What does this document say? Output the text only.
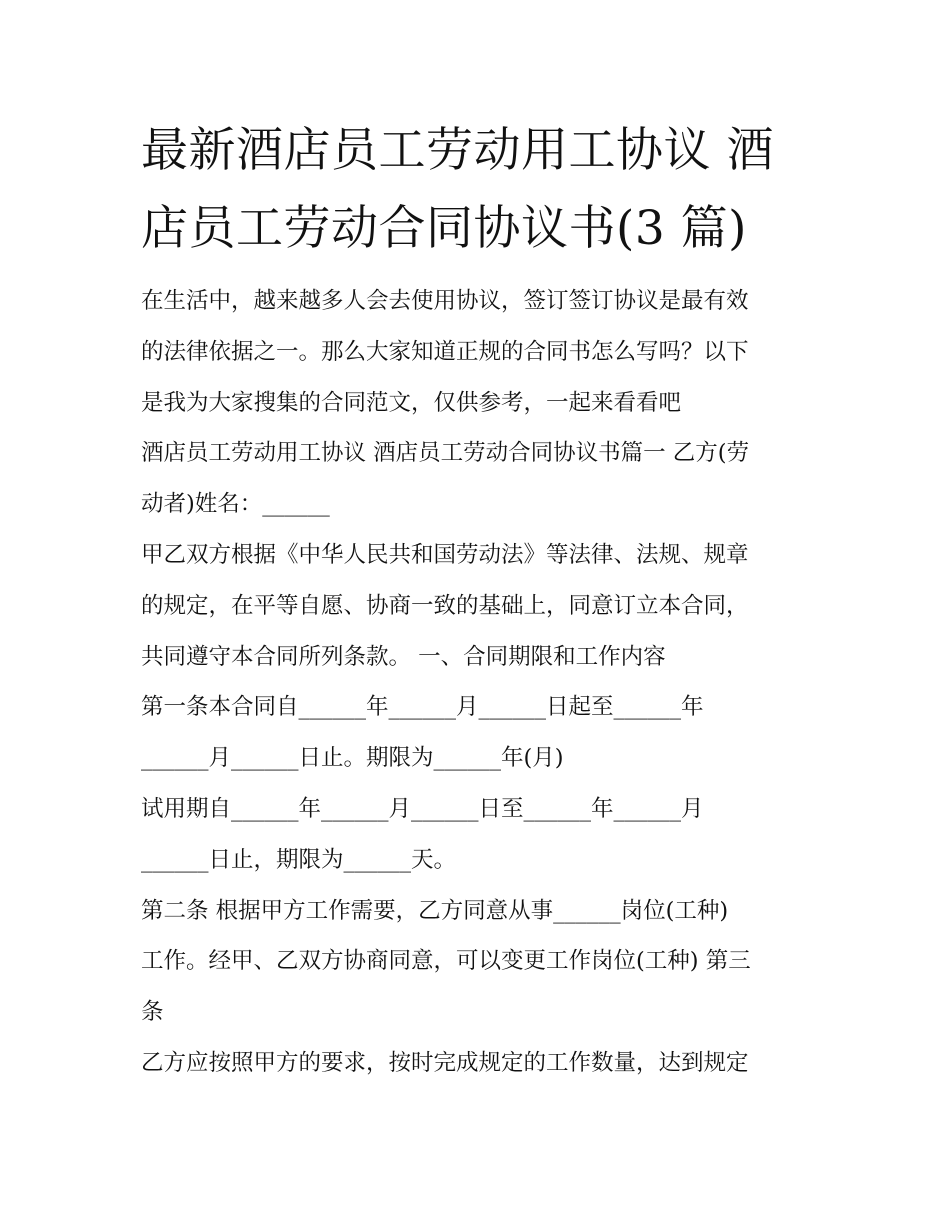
最新酒店员工劳动用工协议 酒
店员工劳动合同协议书(3 篇)
在生活中，越来越多人会去使用协议，签订签订协议是最有效
的法律依据之一。那么大家知道正规的合同书怎么写吗？以下
是我为大家搜集的合同范文，仅供参考，一起来看看吧
酒店员工劳动用工协议 酒店员工劳动合同协议书篇一 乙方(劳
动者)姓名：______
甲乙双方根据《中华人民共和国劳动法》等法律、法规、规章
的规定，在平等自愿、协商一致的基础上，同意订立本合同，
共同遵守本合同所列条款。 一、合同期限和工作内容
第一条本合同自______年______月______日起至______年
______月______日止。期限为______年(月)
试用期自______年______月______日至______年______月
______日止，期限为______天。
第二条 根据甲方工作需要，乙方同意从事______岗位(工种)
工作。经甲、乙双方协商同意，可以变更工作岗位(工种) 第三
条
乙方应按照甲方的要求，按时完成规定的工作数量，达到规定
